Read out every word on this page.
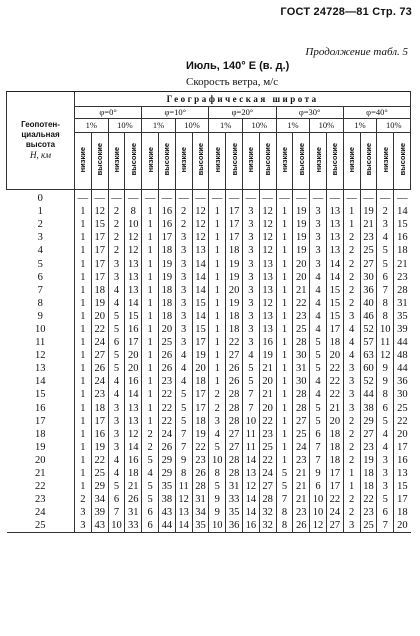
ГОСТ 24728—81 Стр. 73
Продолжение табл. 5
Июль, 140° Е (в. д.)
Скорость ветра, м/с
Геопотен-
циальная
высота
H, км	Географическая широта																			
	φ=0°				φ=10°				φ=20°				φ=30°				φ=40°			
	1%		10%		1%		10%		1%		10%		1%		10%		1%		10%	
	низкие	высокие	низкие	высокие	низкие	высокие	низкие	высокие	низкие	высокие	низкие	высокие	низкие	высокие	низкие	высокие	низкие	высокие	низкие	высокие
0	—	—	—	—	—	—	—	—	—	—	—	—	—	—	—	—	—	—	—	—
1	1	12	2	8	1	16	2	12	1	17	3	12	1	19	3	13	1	19	2	14
2	1	15	2	10	1	16	2	12	1	17	3	12	1	19	3	13	1	21	3	15
3	1	17	2	12	1	17	3	12	1	17	3	12	1	19	3	13	2	23	4	16
4	1	17	2	12	1	18	3	13	1	18	3	12	1	19	3	13	2	25	5	18
5	1	17	3	13	1	19	3	14	1	19	3	13	1	20	3	14	2	27	5	21
6	1	17	3	13	1	19	3	14	1	19	3	13	1	20	4	14	2	30	6	23
7	1	18	4	13	1	18	3	14	1	20	3	13	1	21	4	15	2	36	7	28
8	1	19	4	14	1	18	3	15	1	19	3	12	1	22	4	15	2	40	8	31
9	1	20	5	15	1	18	3	14	1	18	3	13	1	23	4	15	3	46	8	35
10	1	22	5	16	1	20	3	15	1	18	3	13	1	25	4	17	4	52	10	39
11	1	24	6	17	1	25	3	17	1	22	3	16	1	28	5	18	4	57	11	44
12	1	27	5	20	1	26	4	19	1	27	4	19	1	30	5	20	4	63	12	48
13	1	26	5	20	1	26	4	20	1	26	5	21	1	31	5	22	3	60	9	44
14	1	24	4	16	1	23	4	18	1	26	5	20	1	30	4	22	3	52	9	36
15	1	23	4	14	1	22	5	17	2	28	7	21	1	28	4	22	3	44	8	30
16	1	18	3	13	1	22	5	17	2	28	7	20	1	28	5	21	3	38	6	25
17	1	17	3	13	1	22	5	18	3	28	10	22	1	27	5	20	2	29	5	22
18	1	16	3	12	2	24	7	19	4	27	11	23	1	25	6	18	2	27	4	20
19	1	19	3	14	2	26	7	22	5	27	11	25	1	24	7	18	2	23	4	17
20	1	22	4	16	5	29	9	23	10	28	14	22	1	23	7	18	2	19	3	16
21	1	25	4	18	4	29	8	26	8	28	13	24	5	21	9	17	1	18	3	13
22	1	29	5	21	5	35	11	28	5	31	12	27	5	21	6	17	1	18	3	15
23	2	34	6	26	5	38	12	31	9	33	14	28	7	21	10	22	2	22	5	17
24	3	39	7	31	6	43	13	34	9	35	14	32	8	23	10	24	2	23	6	18
25	3	43	10	33	6	44	14	35	10	36	16	32	8	26	12	27	3	25	7	20
